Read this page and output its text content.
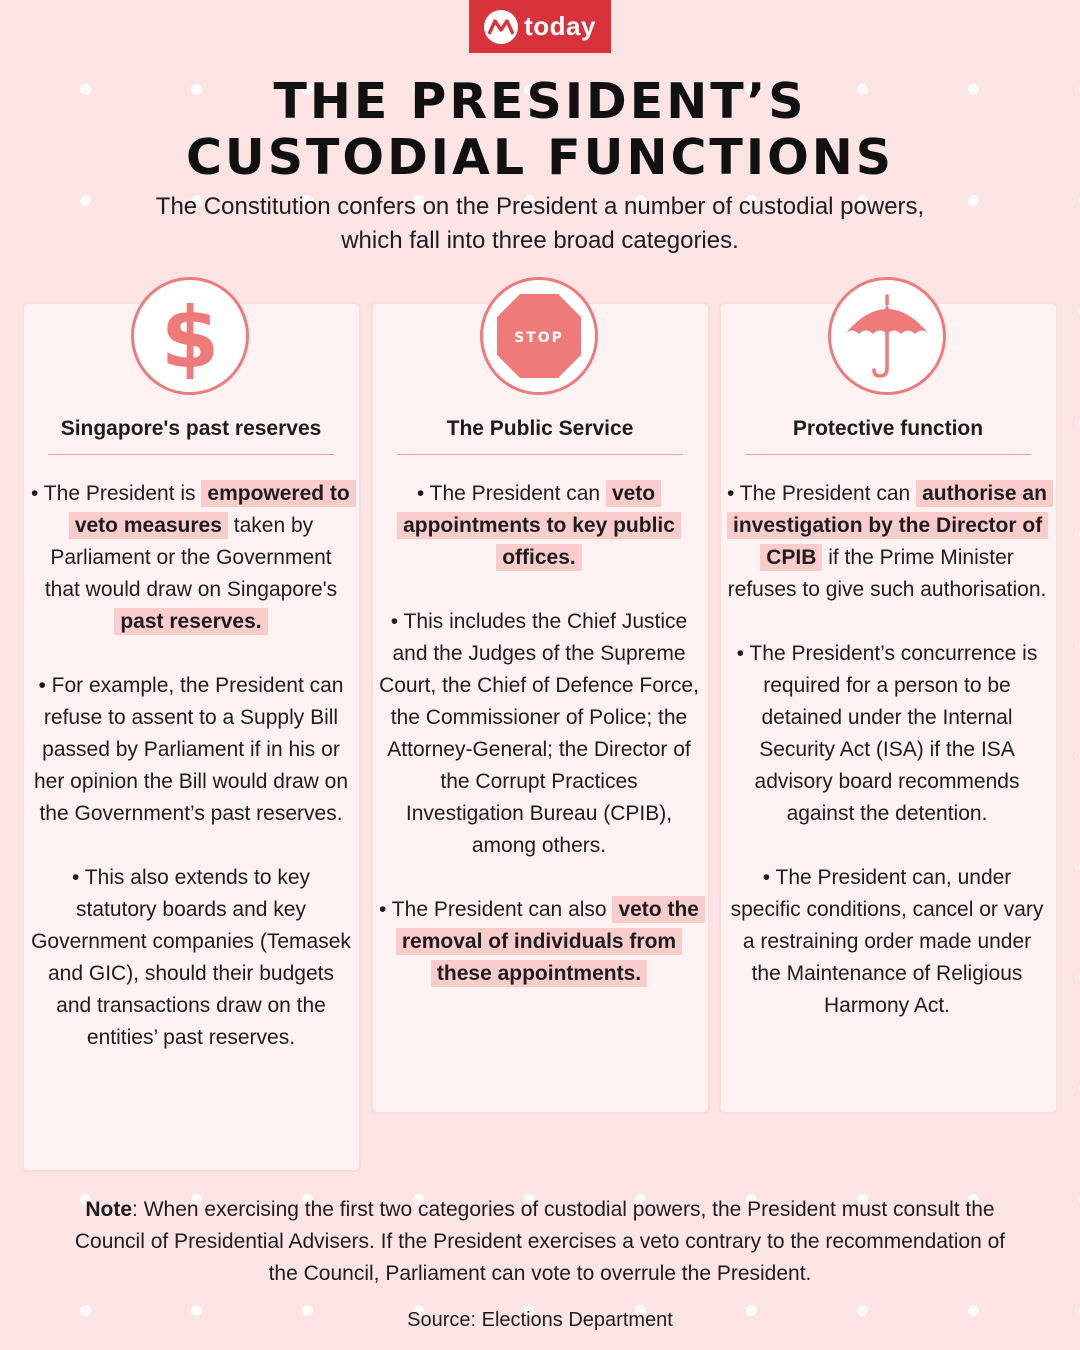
today
THE PRESIDENT’S
CUSTODIAL FUNCTIONS

The Constitution confers on the President a number of custodial powers, which fall into three broad categories.

$	STOP
Singapore's past reserves	The Public Service	Protective function

• The President is empowered to veto measures taken by Parliament or the Government that would draw on Singapore's past reserves.

• For example, the President can refuse to assent to a Supply Bill passed by Parliament if in his or her opinion the Bill would draw on the Government’s past reserves.

• This also extends to key statutory boards and key Government companies (Temasek and GIC), should their budgets and transactions draw on the entities’ past reserves.

• The President can veto appointments to key public offices.

• This includes the Chief Justice and the Judges of the Supreme Court, the Chief of Defence Force, the Commissioner of Police; the Attorney-General; the Director of the Corrupt Practices Investigation Bureau (CPIB), among others.

• The President can also veto the removal of individuals from these appointments.

• The President can authorise an investigation by the Director of CPIB if the Prime Minister refuses to give such authorisation.

• The President’s concurrence is required for a person to be detained under the Internal Security Act (ISA) if the ISA advisory board recommends against the detention.

• The President can, under specific conditions, cancel or vary a restraining order made under the Maintenance of Religious Harmony Act.

Note: When exercising the first two categories of custodial powers, the President must consult the Council of Presidential Advisers. If the President exercises a veto contrary to the recommendation of the Council, Parliament can vote to overrule the President.

Source: Elections Department
